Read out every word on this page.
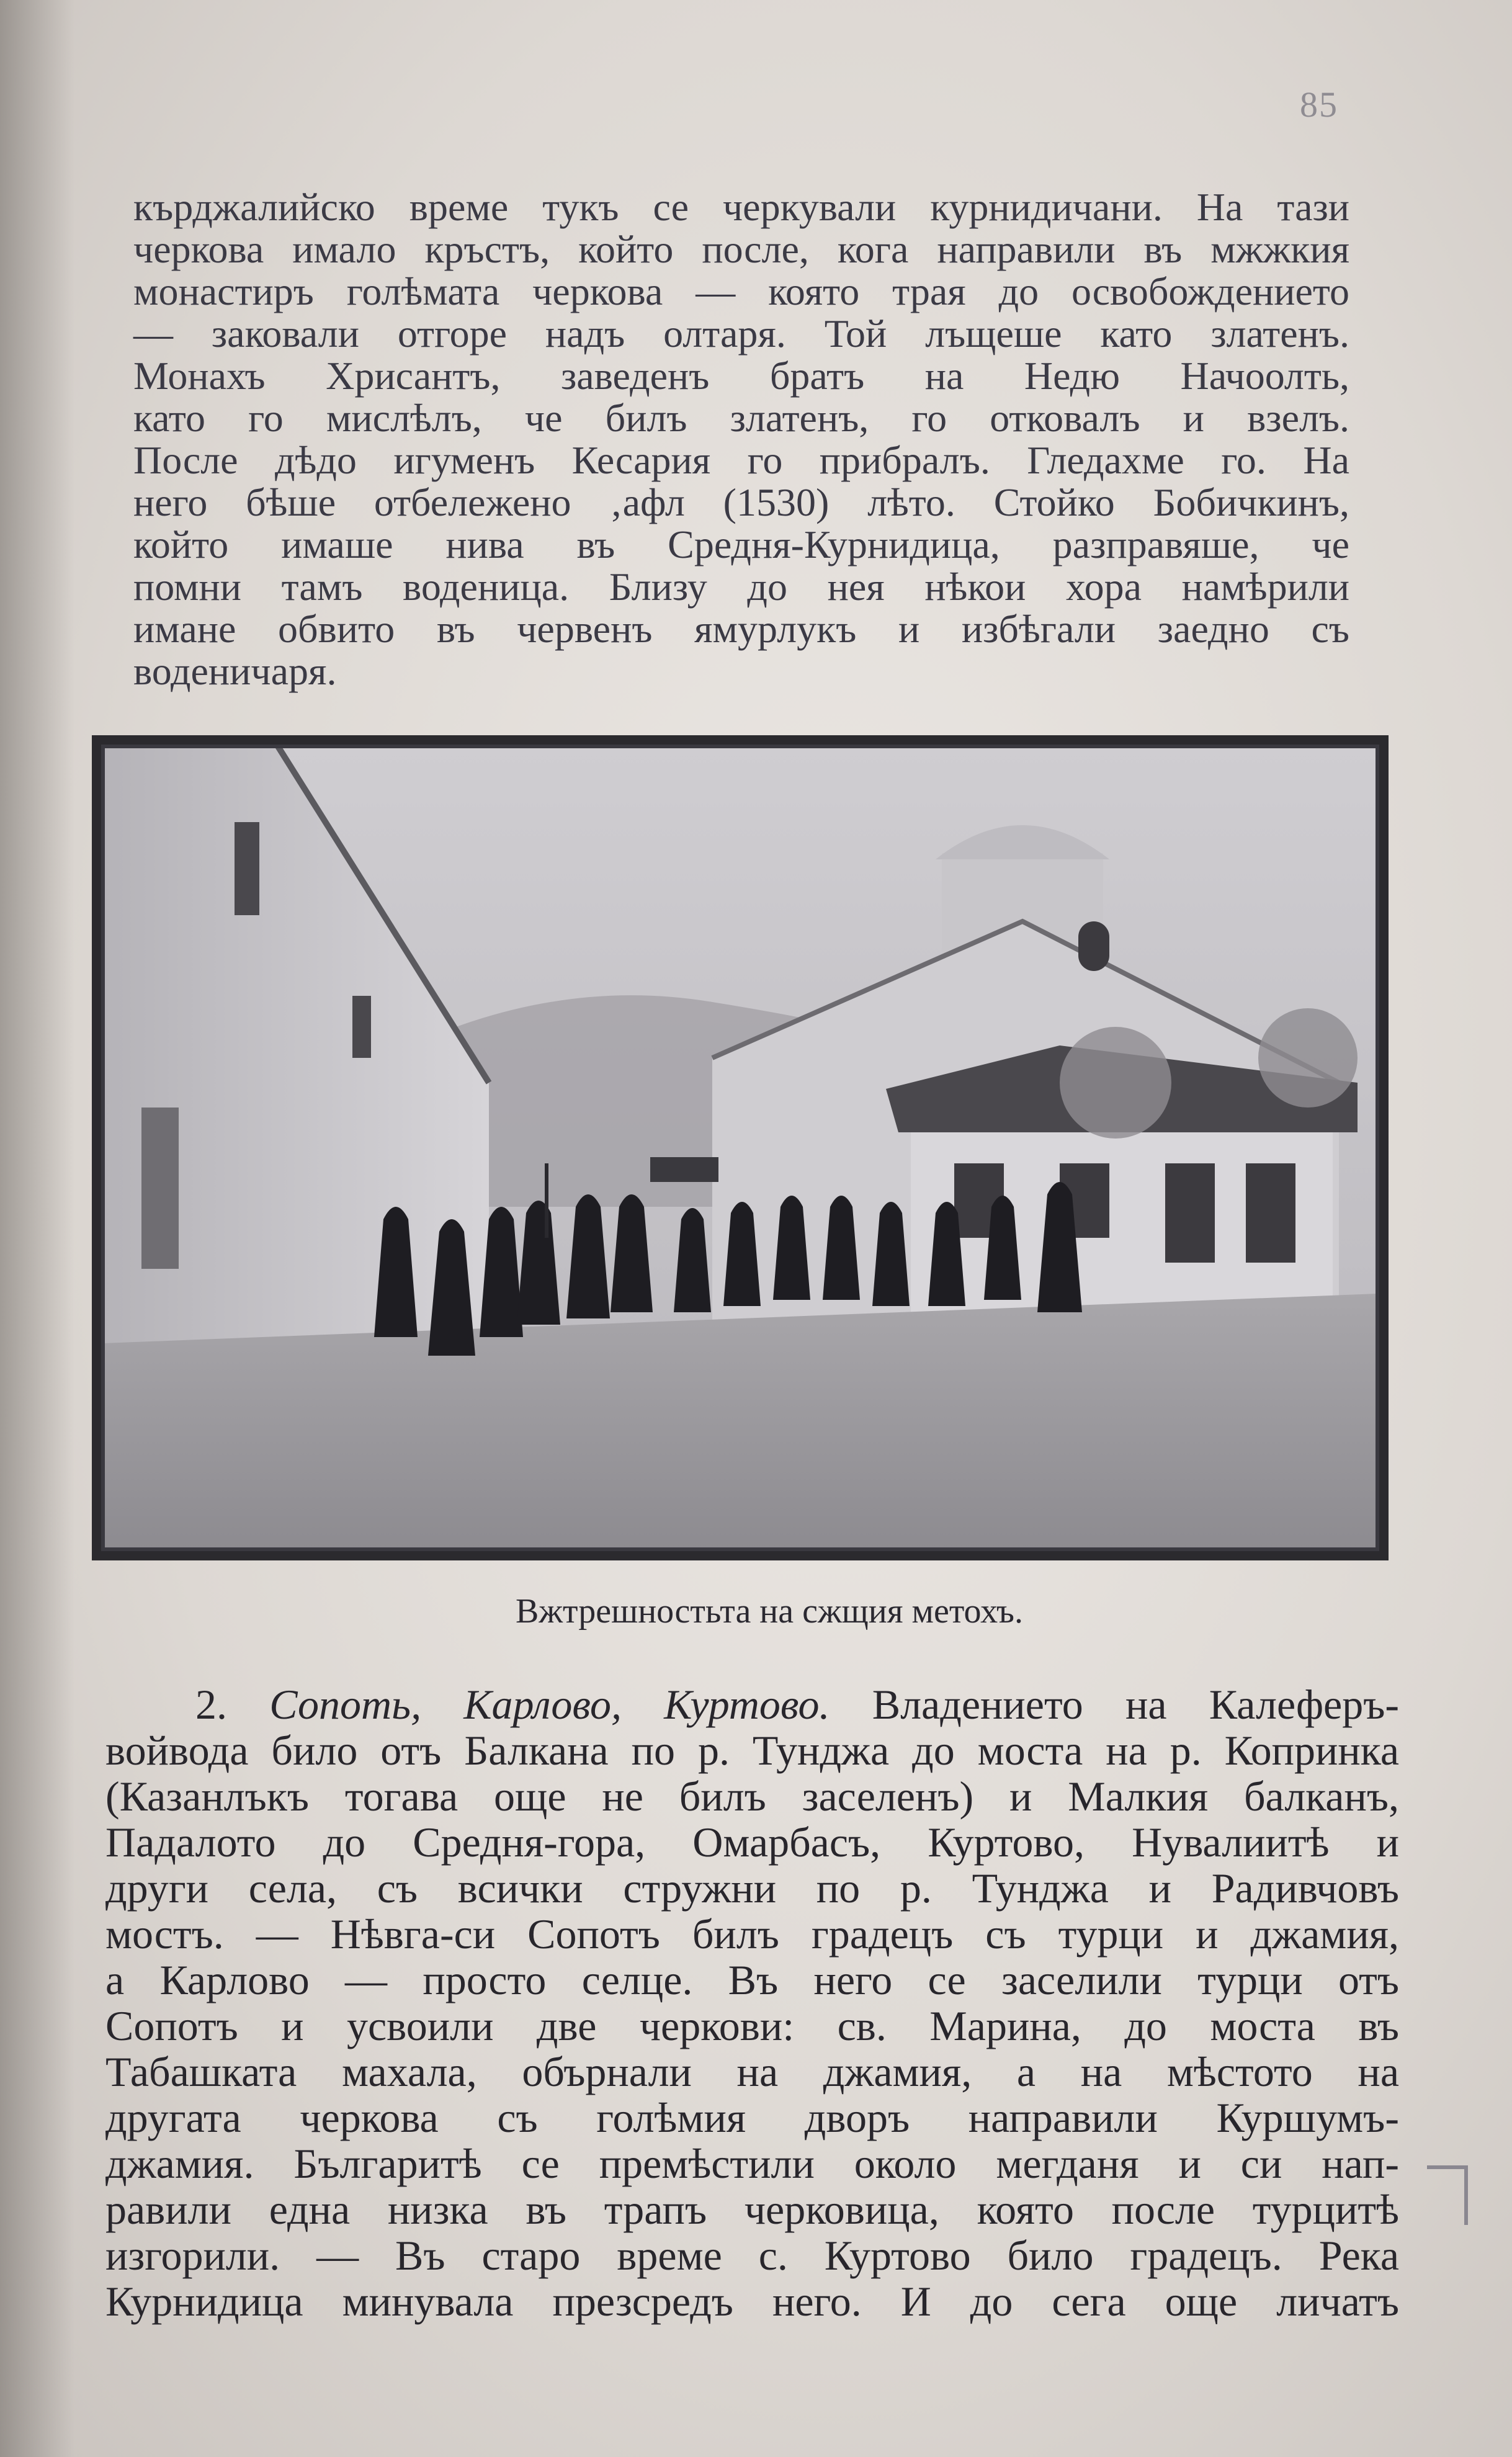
85
кърджалийско време тукъ се черкували курнидичани. На тази
черкова имало кръстъ, който после, кога направили въ мжжкия
монастиръ голѣмата черкова — която трая до освобождението
— заковали отгоре надъ олтаря. Той лъщеше като златенъ.
Монахъ Хрисантъ, заведенъ братъ на Недю Начоолть,
като го мислѣлъ, че билъ златенъ, го отковалъ и взелъ.
После дѣдо игуменъ Кесария го прибралъ. Гледахме го. На
него бѣше отбележено ‚афл (1530) лѣто. Стойко Бобичкинъ,
който имаше нива въ Средня-Курнидица, разправяше, че
помни тамъ воденица. Близу до нея нѣкои хора намѣрили
имане обвито въ червенъ ямурлукъ и избѣгали заедно съ
воденичаря.
Вжтрешностьта на сжщия метохъ.
2. Сопоть, Карлово, Куртово. Владението на Калеферъ-
войвода било отъ Балкана по р. Тунджа до моста на р. Копринка
(Казанлъкъ тогава още не билъ заселенъ) и Малкия балканъ,
Падалото до Средня-гора, Омарбасъ, Куртово, Нувалиитѣ и
други села, съ всички стружни по р. Тунджа и Радивчовъ
мостъ. — Нѣвга-си Сопотъ билъ градецъ съ турци и джамия,
а Карлово — просто селце. Въ него се заселили турци отъ
Сопотъ и усвоили две черкови: св. Марина, до моста въ
Табашката махала, обърнали на джамия, а на мѣстото на
другата черкова съ голѣмия дворъ направили Куршумъ-
джамия. Българитѣ се премѣстили около мегданя и си нап-
равили една низка въ трапъ черковица, която после турцитѣ
изгорили. — Въ старо време с. Куртово било градецъ. Река
Курнидица минувала презсредъ него. И до сега още личатъ
